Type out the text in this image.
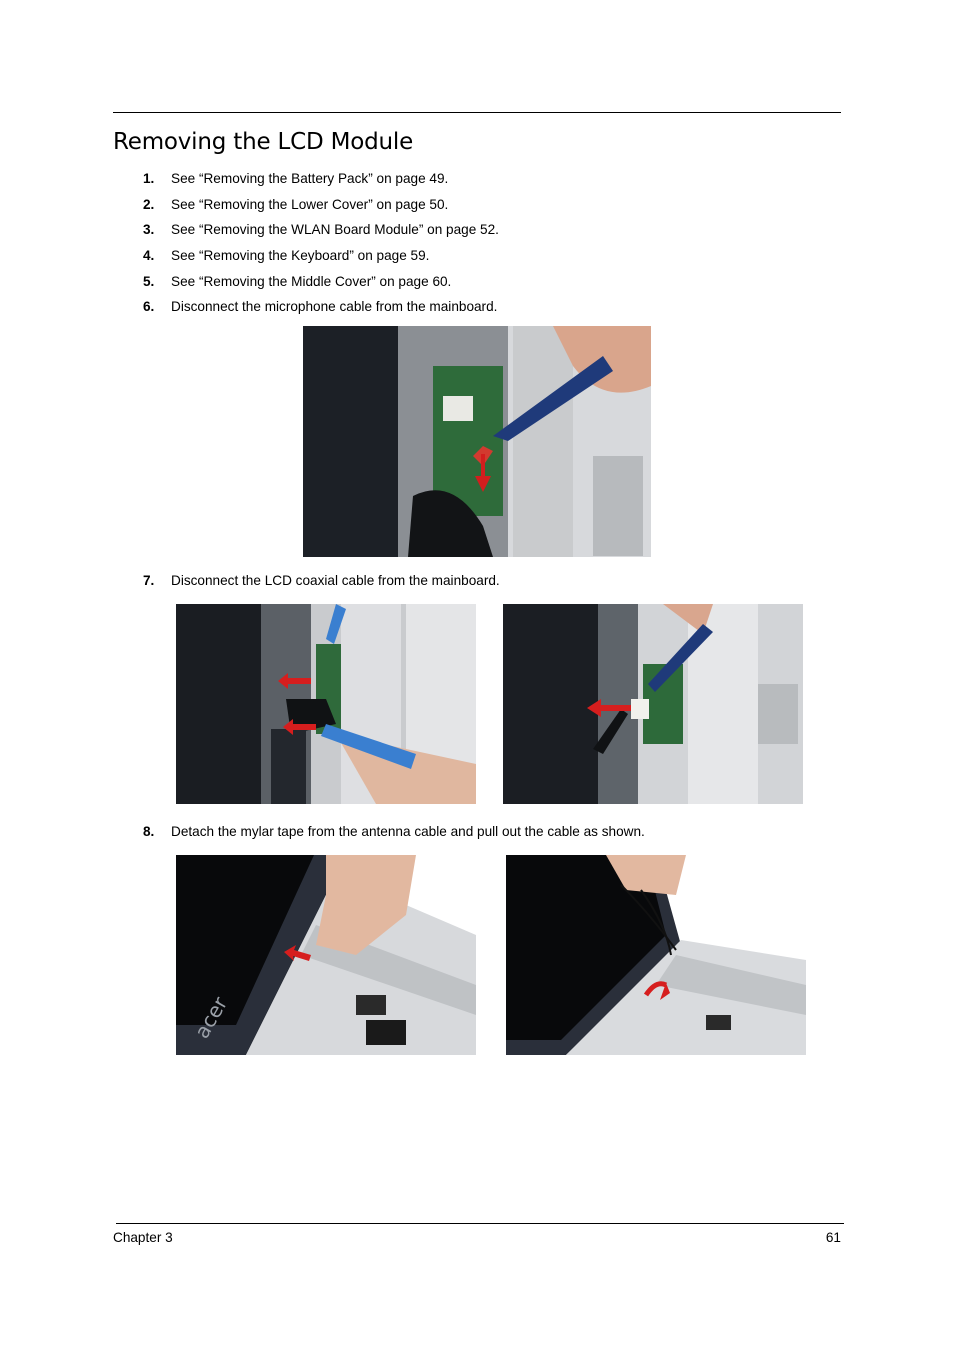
Removing the LCD Module
1. See “Removing the Battery Pack” on page 49.
2. See “Removing the Lower Cover” on page 50.
3. See “Removing the WLAN Board Module” on page 52.
4. See “Removing the Keyboard” on page 59.
5. See “Removing the Middle Cover” on page 60.
6. Disconnect the microphone cable from the mainboard.
7. Disconnect the LCD coaxial cable from the mainboard.
8. Detach the mylar tape from the antenna cable and pull out the cable as shown.
acer
Chapter 3	61
